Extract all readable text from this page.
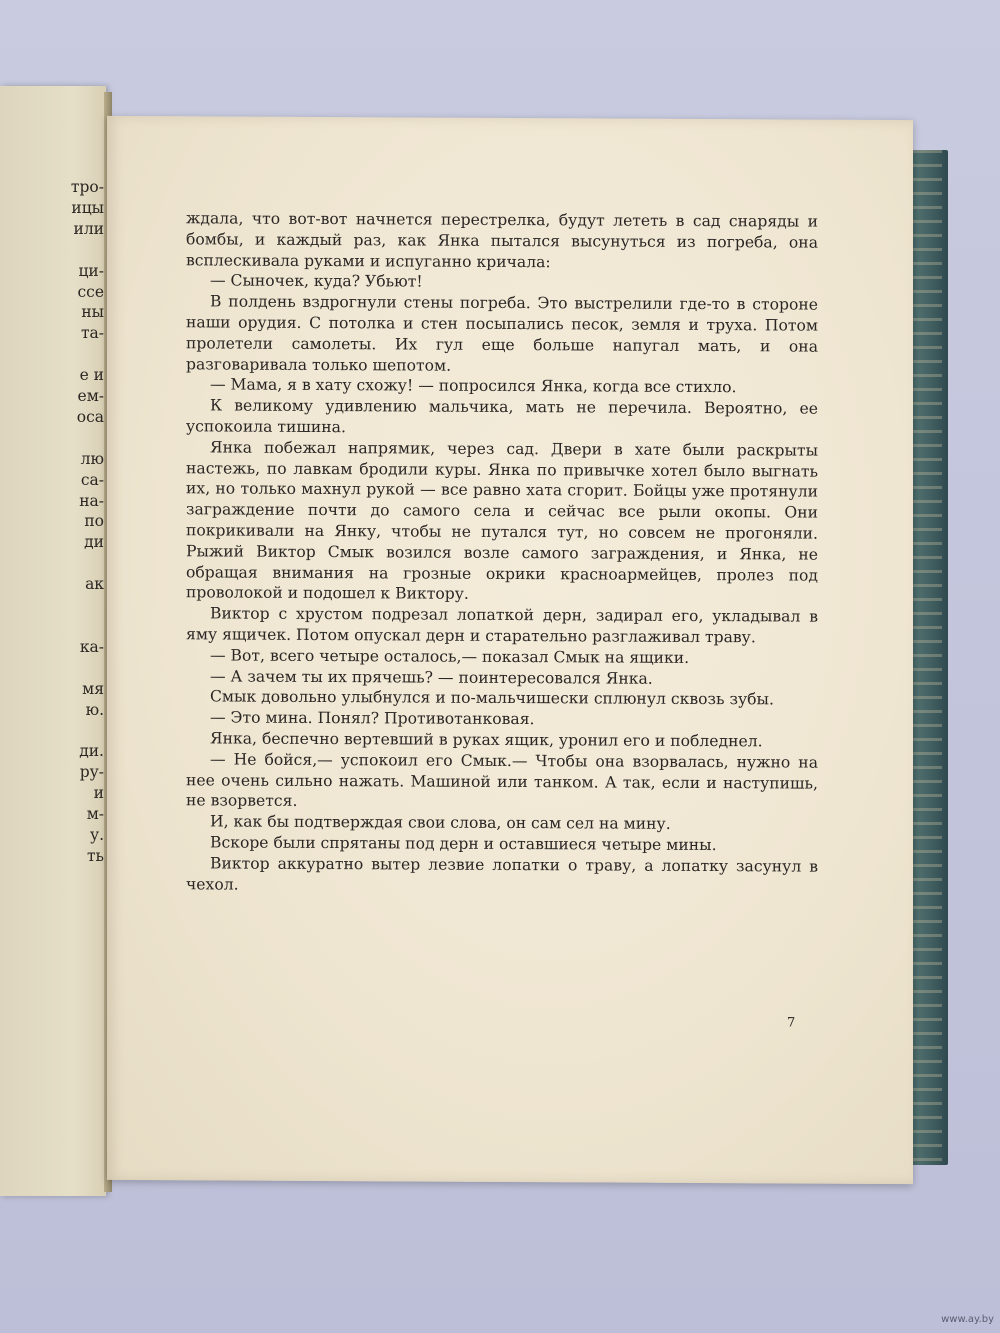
тро-
ицы
или
ци-
ссе
ны
та-
е и
ем-
оса
лю
са-
на-
по
ди
ак
ка-
мя
ю.
ди.
ру-
и
м-
у.
ть

ждала, что вот-вот начнется перестрелка, будут лететь в сад снаряды и бомбы, и каждый раз, как Янка пытался высунуться из погреба, она всплескивала руками и испуганно кричала:

— Сыночек, куда? Убьют!

В полдень вздрогнули стены погреба. Это выстрелили где-то в стороне наши орудия. С потолка и стен посыпались песок, земля и труха. Потом пролетели самолеты. Их гул еще больше напугал мать, и она разговаривала только шепотом.

— Мама, я в хату схожу! — попросился Янка, когда все стихло.

К великому удивлению мальчика, мать не перечила. Вероятно, ее успокоила тишина.

Янка побежал напрямик, через сад. Двери в хате были раскрыты настежь, по лавкам бродили куры. Янка по привычке хотел было выгнать их, но только махнул рукой — все равно хата сгорит. Бойцы уже протянули заграждение почти до самого села и сейчас все рыли окопы. Они покрикивали на Янку, чтобы не путался тут, но совсем не прогоняли. Рыжий Виктор Смык возился возле самого заграждения, и Янка, не обращая внимания на грозные окрики красноармейцев, пролез под проволокой и подошел к Виктору.

Виктор с хрустом подрезал лопаткой дерн, задирал его, укладывал в яму ящичек. Потом опускал дерн и старательно разглаживал траву.

— Вот, всего четыре осталось,— показал Смык на ящики.

— А зачем ты их прячешь? — поинтересовался Янка.

Смык довольно улыбнулся и по-мальчишески сплюнул сквозь зубы.

— Это мина. Понял? Противотанковая.

Янка, беспечно вертевший в руках ящик, уронил его и побледнел.

— Не бойся,— успокоил его Смык.— Чтобы она взорвалась, нужно на нее очень сильно нажать. Машиной или танком. А так, если и наступишь, не взорвется.

И, как бы подтверждая свои слова, он сам сел на мину.

Вскоре были спрятаны под дерн и оставшиеся четыре мины.

Виктор аккуратно вытер лезвие лопатки о траву, а лопатку засунул в чехол.

7
www.ay.by
